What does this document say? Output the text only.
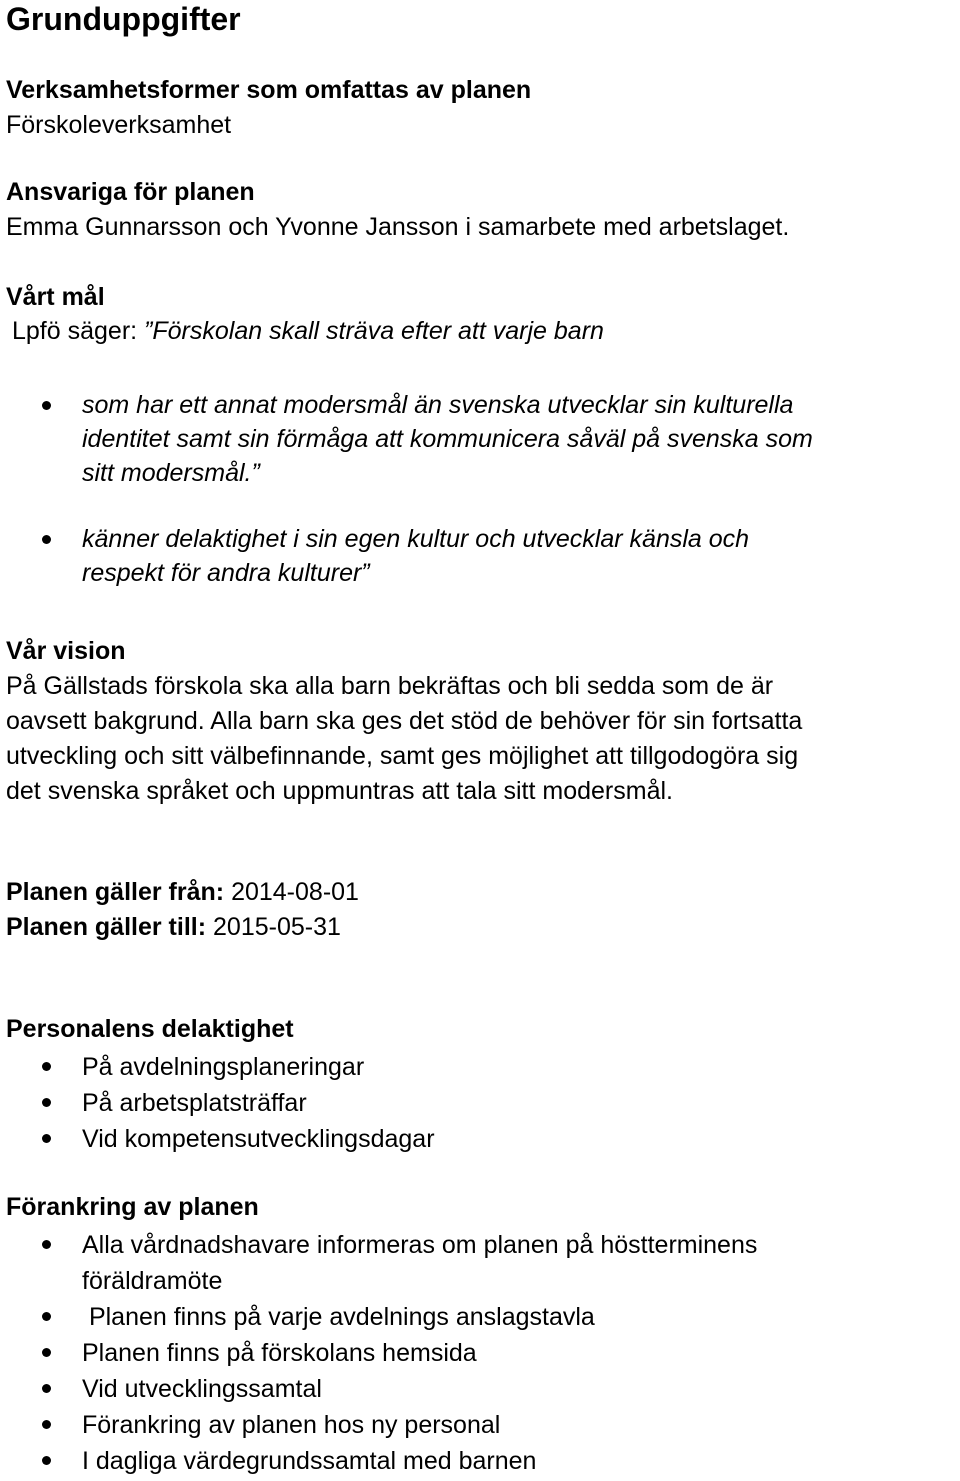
Grunduppgifter
Verksamhetsformer som omfattas av planen
Förskoleverksamhet
Ansvariga för planen
Emma Gunnarsson och Yvonne Jansson i samarbete med arbetslaget.
Vårt mål
Lpfö säger: ”Förskolan skall sträva efter att varje barn
som har ett annat modersmål än svenska utvecklar sin kulturella
identitet samt sin förmåga att kommunicera såväl på svenska som
sitt modersmål.”
känner delaktighet i sin egen kultur och utvecklar känsla och
respekt för andra kulturer”
Vår vision
På Gällstads förskola ska alla barn bekräftas och bli sedda som de är
oavsett bakgrund. Alla barn ska ges det stöd de behöver för sin fortsatta
utveckling och sitt välbefinnande, samt ges möjlighet att tillgodogöra sig
det svenska språket och uppmuntras att tala sitt modersmål.
Planen gäller från: 2014-08-01
Planen gäller till: 2015-05-31
Personalens delaktighet
På avdelningsplaneringar
På arbetsplatsträffar
Vid kompetensutvecklingsdagar
Förankring av planen
Alla vårdnadshavare informeras om planen på höstterminens
föräldramöte
Planen finns på varje avdelnings anslagstavla
Planen finns på förskolans hemsida
Vid utvecklingssamtal
Förankring av planen hos ny personal
I dagliga värdegrundssamtal med barnen
